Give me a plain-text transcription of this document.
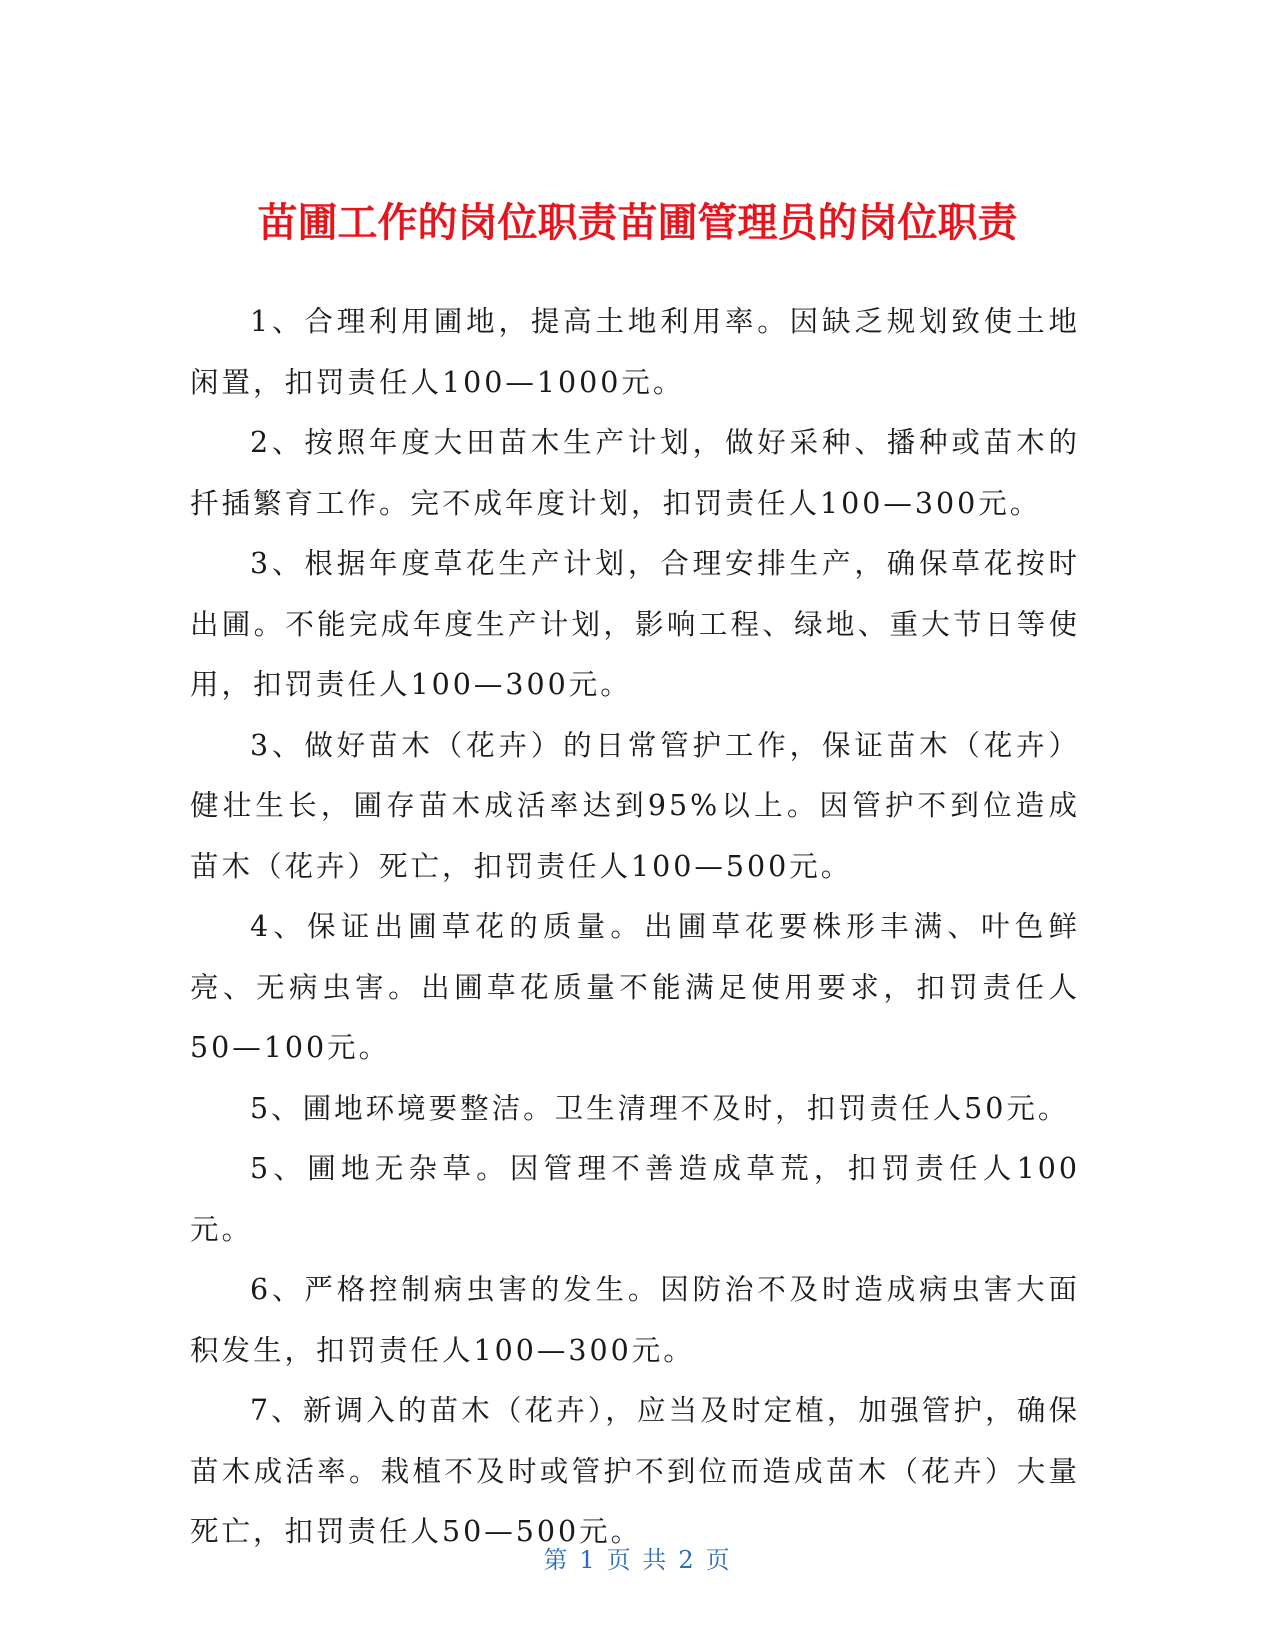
苗圃工作的岗位职责苗圃管理员的岗位职责

1、合理利用圃地，提高土地利用率。因缺乏规划致使土地闲置，扣罚责任人100—1000元。

2、按照年度大田苗木生产计划，做好采种、播种或苗木的扦插繁育工作。完不成年度计划，扣罚责任人100—300元。

3、根据年度草花生产计划，合理安排生产，确保草花按时出圃。不能完成年度生产计划，影响工程、绿地、重大节日等使用，扣罚责任人100—300元。

3、做好苗木（花卉）的日常管护工作，保证苗木（花卉）健壮生长，圃存苗木成活率达到95%以上。因管护不到位造成苗木（花卉）死亡，扣罚责任人100—500元。

4、保证出圃草花的质量。出圃草花要株形丰满、叶色鲜亮、无病虫害。出圃草花质量不能满足使用要求，扣罚责任人50—100元。

5、圃地环境要整洁。卫生清理不及时，扣罚责任人50元。

5、圃地无杂草。因管理不善造成草荒，扣罚责任人100元。

6、严格控制病虫害的发生。因防治不及时造成病虫害大面积发生，扣罚责任人100—300元。

7、新调入的苗木（花卉），应当及时定植，加强管护，确保苗木成活率。栽植不及时或管护不到位而造成苗木（花卉）大量死亡，扣罚责任人50—500元。

第 1 页 共 2 页
